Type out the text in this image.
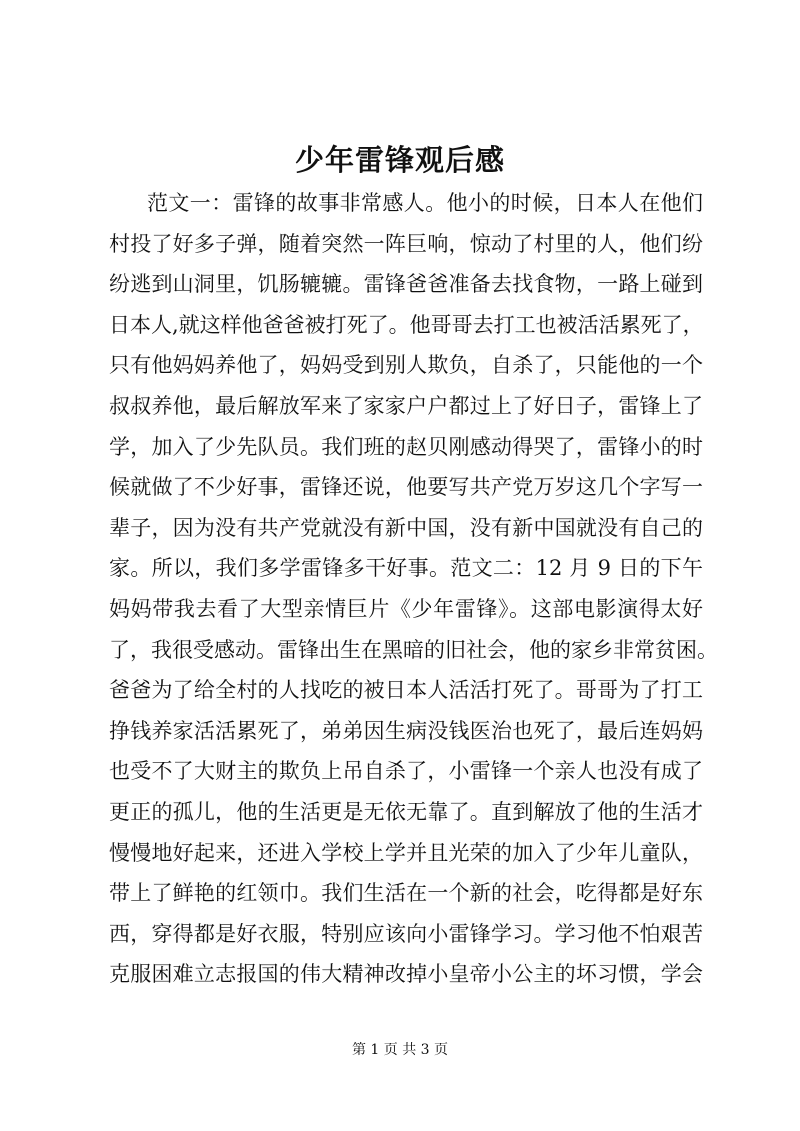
少年雷锋观后感
范文一：雷锋的故事非常感人。他小的时候，日本人在他们
村投了好多子弹，随着突然一阵巨响，惊动了村里的人，他们纷
纷逃到山洞里，饥肠辘辘。雷锋爸爸准备去找食物，一路上碰到
日本人,就这样他爸爸被打死了。他哥哥去打工也被活活累死了，
只有他妈妈养他了，妈妈受到别人欺负，自杀了，只能他的一个
叔叔养他，最后解放军来了家家户户都过上了好日子，雷锋上了
学，加入了少先队员。我们班的赵贝刚感动得哭了，雷锋小的时
候就做了不少好事，雷锋还说，他要写共产党万岁这几个字写一
辈子，因为没有共产党就没有新中国，没有新中国就没有自己的
家。所以，我们多学雷锋多干好事。范文二：12 月 9 日的下午
妈妈带我去看了大型亲情巨片《少年雷锋》。这部电影演得太好
了，我很受感动。雷锋出生在黑暗的旧社会，他的家乡非常贫困。
爸爸为了给全村的人找吃的被日本人活活打死了。哥哥为了打工
挣钱养家活活累死了，弟弟因生病没钱医治也死了，最后连妈妈
也受不了大财主的欺负上吊自杀了，小雷锋一个亲人也没有成了
更正的孤儿，他的生活更是无依无靠了。直到解放了他的生活才
慢慢地好起来，还进入学校上学并且光荣的加入了少年儿童队，
带上了鲜艳的红领巾。我们生活在一个新的社会，吃得都是好东
西，穿得都是好衣服，特别应该向小雷锋学习。学习他不怕艰苦
克服困难立志报国的伟大精神改掉小皇帝小公主的坏习惯，学会
第 1 页 共 3 页
